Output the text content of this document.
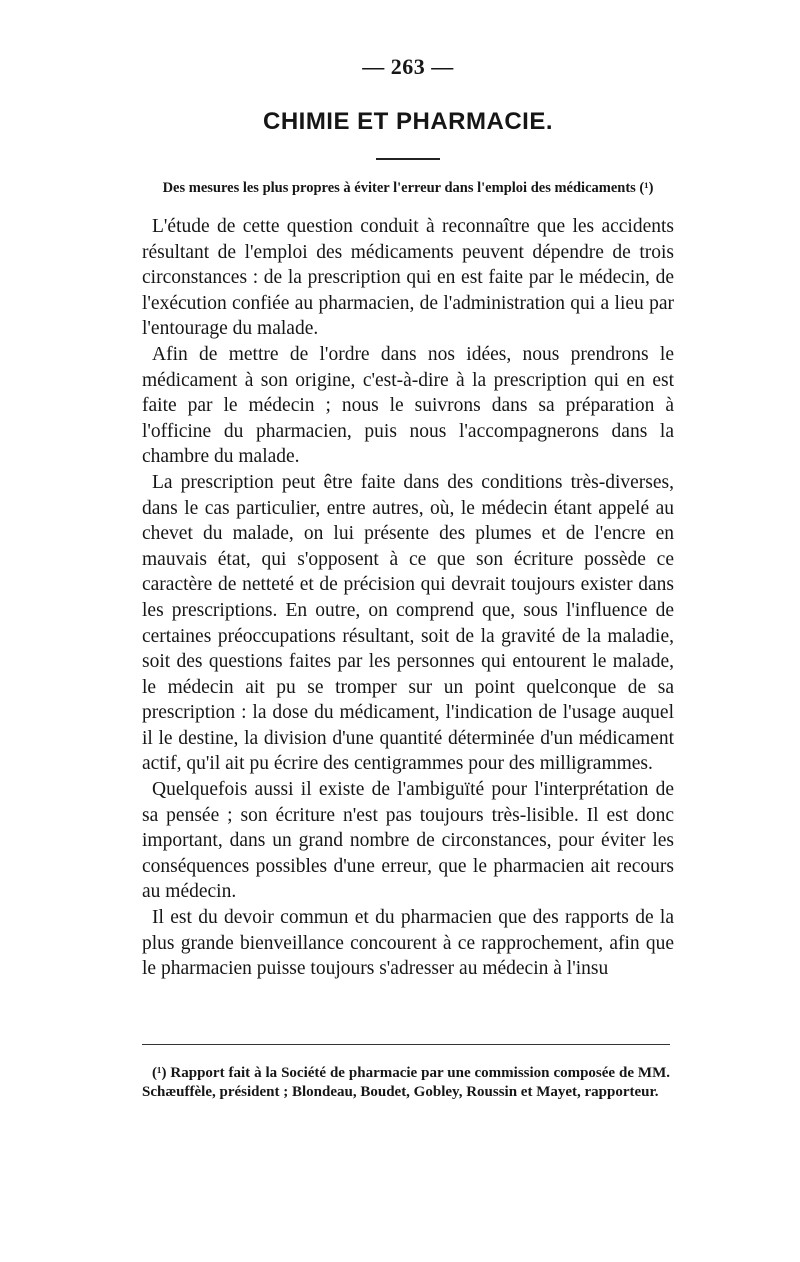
— 263 —
CHIMIE ET PHARMACIE.
Des mesures les plus propres à éviter l'erreur dans l'emploi des médicaments (¹)

L'étude de cette question conduit à reconnaître que les accidents résultant de l'emploi des médicaments peuvent dépendre de trois circonstances : de la prescription qui en est faite par le médecin, de l'exécution confiée au pharmacien, de l'administration qui a lieu par l'entourage du malade.

Afin de mettre de l'ordre dans nos idées, nous prendrons le médicament à son origine, c'est-à-dire à la prescription qui en est faite par le médecin ; nous le suivrons dans sa préparation à l'officine du pharmacien, puis nous l'accompagnerons dans la chambre du malade.

La prescription peut être faite dans des conditions très-diverses, dans le cas particulier, entre autres, où, le médecin étant appelé au chevet du malade, on lui présente des plumes et de l'encre en mauvais état, qui s'opposent à ce que son écriture possède ce caractère de netteté et de précision qui devrait toujours exister dans les prescriptions. En outre, on comprend que, sous l'influence de certaines préoccupations résultant, soit de la gravité de la maladie, soit des questions faites par les personnes qui entourent le malade, le médecin ait pu se tromper sur un point quelconque de sa prescription : la dose du médicament, l'indication de l'usage auquel il le destine, la division d'une quantité déterminée d'un médicament actif, qu'il ait pu écrire des centigrammes pour des milligrammes.

Quelquefois aussi il existe de l'ambiguïté pour l'interprétation de sa pensée ; son écriture n'est pas toujours très-lisible. Il est donc important, dans un grand nombre de circonstances, pour éviter les conséquences possibles d'une erreur, que le pharmacien ait recours au médecin.

Il est du devoir commun et du pharmacien que des rapports de la plus grande bienveillance concourent à ce rapprochement, afin que le pharmacien puisse toujours s'adresser au médecin à l'insu

(¹) Rapport fait à la Société de pharmacie par une commission composée de MM. Schæuffèle, président ; Blondeau, Boudet, Gobley, Roussin et Mayet, rapporteur.
